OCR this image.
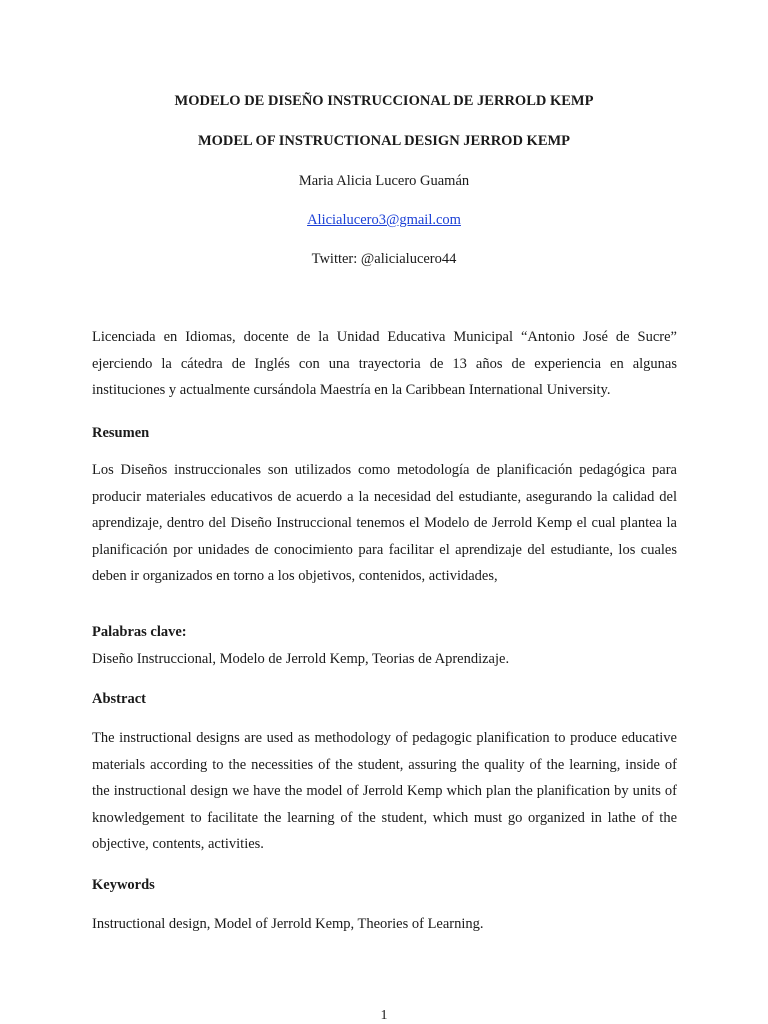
MODELO DE DISEÑO INSTRUCCIONAL DE JERROLD KEMP
MODEL OF INSTRUCTIONAL DESIGN JERROD KEMP
Maria Alicia Lucero Guamán
Alicialucero3@gmail.com
Twitter: @alicialucero44

Licenciada en Idiomas, docente de la Unidad Educativa Municipal “Antonio José de Sucre” ejerciendo la cátedra de Inglés con una trayectoria de 13 años de experiencia en algunas instituciones y actualmente cursándola Maestría en la Caribbean International University.

Resumen

Los Diseños instruccionales son utilizados como metodología de planificación pedagógica para producir materiales educativos de acuerdo a la necesidad del estudiante, asegurando la calidad del aprendizaje, dentro del Diseño Instruccional tenemos el Modelo de Jerrold Kemp el cual plantea la planificación por unidades de conocimiento para facilitar el aprendizaje del estudiante, los cuales deben ir organizados en torno a los objetivos, contenidos, actividades,

Palabras clave:
Diseño Instruccional, Modelo de Jerrold Kemp, Teorias de Aprendizaje.
Abstract

The instructional designs are used as methodology of pedagogic planification to produce educative materials according to the necessities of the student, assuring the quality of the learning, inside of the instructional design we have the model of Jerrold Kemp which plan the planification by units of knowledgement to facilitate the learning of the student, which must go organized in lathe of the objective, contents, activities.

Keywords
Instructional design, Model of Jerrold Kemp, Theories of Learning.
1
